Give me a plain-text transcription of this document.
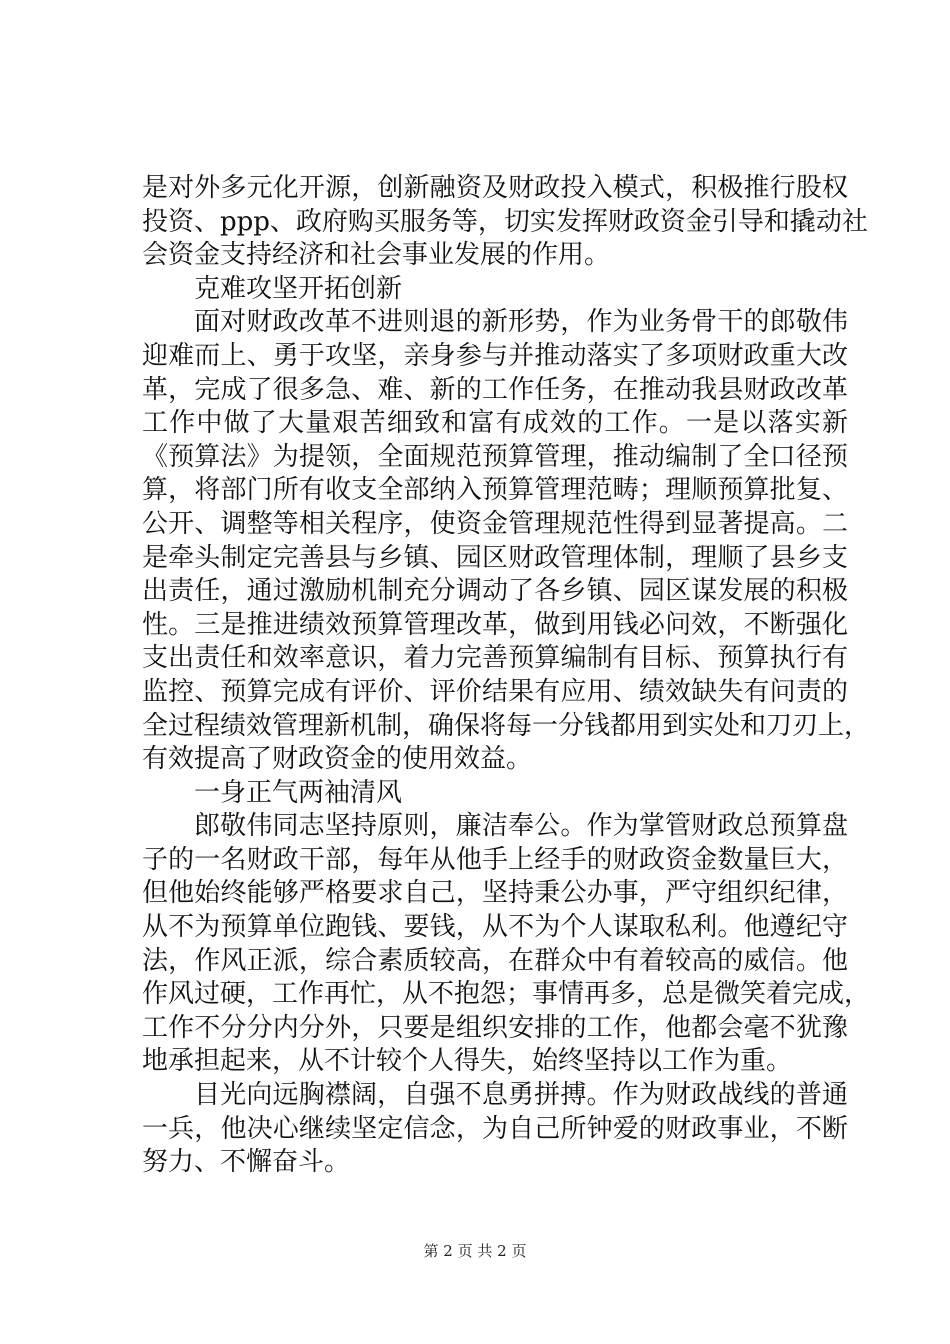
是对外多元化开源，创新融资及财政投入模式，积极推行股权
投资、ppp、政府购买服务等，切实发挥财政资金引导和撬动社
会资金支持经济和社会事业发展的作用。
克难攻坚开拓创新
面对财政改革不进则退的新形势，作为业务骨干的郎敬伟
迎难而上、勇于攻坚，亲身参与并推动落实了多项财政重大改
革，完成了很多急、难、新的工作任务，在推动我县财政改革
工作中做了大量艰苦细致和富有成效的工作。一是以落实新
《预算法》为提领，全面规范预算管理，推动编制了全口径预
算，将部门所有收支全部纳入预算管理范畴；理顺预算批复、
公开、调整等相关程序，使资金管理规范性得到显著提高。二
是牵头制定完善县与乡镇、园区财政管理体制，理顺了县乡支
出责任，通过激励机制充分调动了各乡镇、园区谋发展的积极
性。三是推进绩效预算管理改革，做到用钱必问效，不断强化
支出责任和效率意识，着力完善预算编制有目标、预算执行有
监控、预算完成有评价、评价结果有应用、绩效缺失有问责的
全过程绩效管理新机制，确保将每一分钱都用到实处和刀刃上，
有效提高了财政资金的使用效益。
一身正气两袖清风
郎敬伟同志坚持原则，廉洁奉公。作为掌管财政总预算盘
子的一名财政干部，每年从他手上经手的财政资金数量巨大，
但他始终能够严格要求自己，坚持秉公办事，严守组织纪律，
从不为预算单位跑钱、要钱，从不为个人谋取私利。他遵纪守
法，作风正派，综合素质较高，在群众中有着较高的威信。他
作风过硬，工作再忙，从不抱怨；事情再多，总是微笑着完成，
工作不分分内分外，只要是组织安排的工作，他都会毫不犹豫
地承担起来，从不计较个人得失，始终坚持以工作为重。
目光向远胸襟阔，自强不息勇拼搏。作为财政战线的普通
一兵，他决心继续坚定信念，为自己所钟爱的财政事业，不断
努力、不懈奋斗。
第 2 页 共 2 页
